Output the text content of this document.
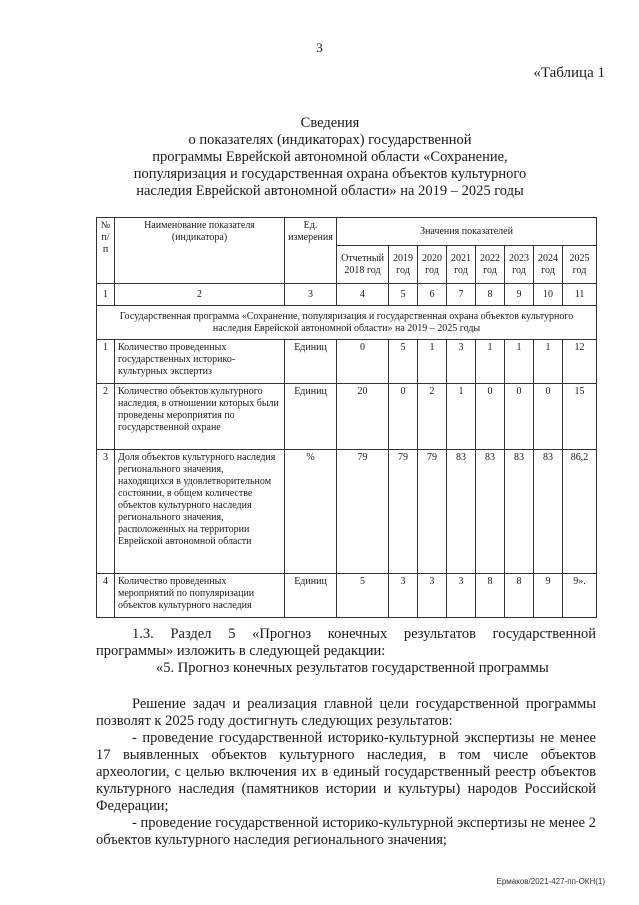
3
«Таблица 1
Сведения
о показателях (индикаторах) государственной
программы Еврейской автономной области «Сохранение,
популяризация и государственная охрана объектов культурного
наследия Еврейской автономной области» на 2019 – 2025 годы
№ п/п	Наименование показателя (индикатора)	Ед. измерения	Значения показателей							
			Отчетный 2018 год	2019 год	2020 год	2021 год	2022 год	2023 год	2024 год	2025 год
1	2	3	4	5	6	7	8	9	10	11
Государственная программа «Сохранение, популяризация и государственная охрана объектов культурного наследия Еврейской автономной области» на 2019 – 2025 годы										
1	Количество проведенных государственных историко-культурных экспертиз	Единиц	0	5	1	3	1	1	1	12
2	Количество объектов культурного наследия, в отношении которых были проведены мероприятия по государственной охране	Единиц	20	0	2	1	0	0	0	15
3	Доля объектов культурного наследия регионального значения, находящихся в удовлетворительном состоянии, в общем количестве объектов культурного наследия регионального значения, расположенных на территории Еврейской автономной области	%	79	79	79	83	83	83	83	86,2
4	Количество проведенных мероприятий по популяризации объектов культурного наследия	Единиц	5	3	3	3	8	8	9	9».
1.3. Раздел 5 «Прогноз конечных результатов государственной
программы» изложить в следующей редакции:
«5. Прогноз конечных результатов государственной программы

Решение задач и реализация главной цели государственной программы позволят к 2025 году достигнуть следующих результатов:

- проведение государственной историко-культурной экспертизы не менее 17 выявленных объектов культурного наследия, в том числе объектов археологии, с целью включения их в единый государственный реестр объектов культурного наследия (памятников истории и культуры) народов Российской Федерации;

- проведение государственной историко-культурной экспертизы не менее 2 объектов культурного наследия регионального значения;

Ермаков/2021-427-пп-ОКН(1)
